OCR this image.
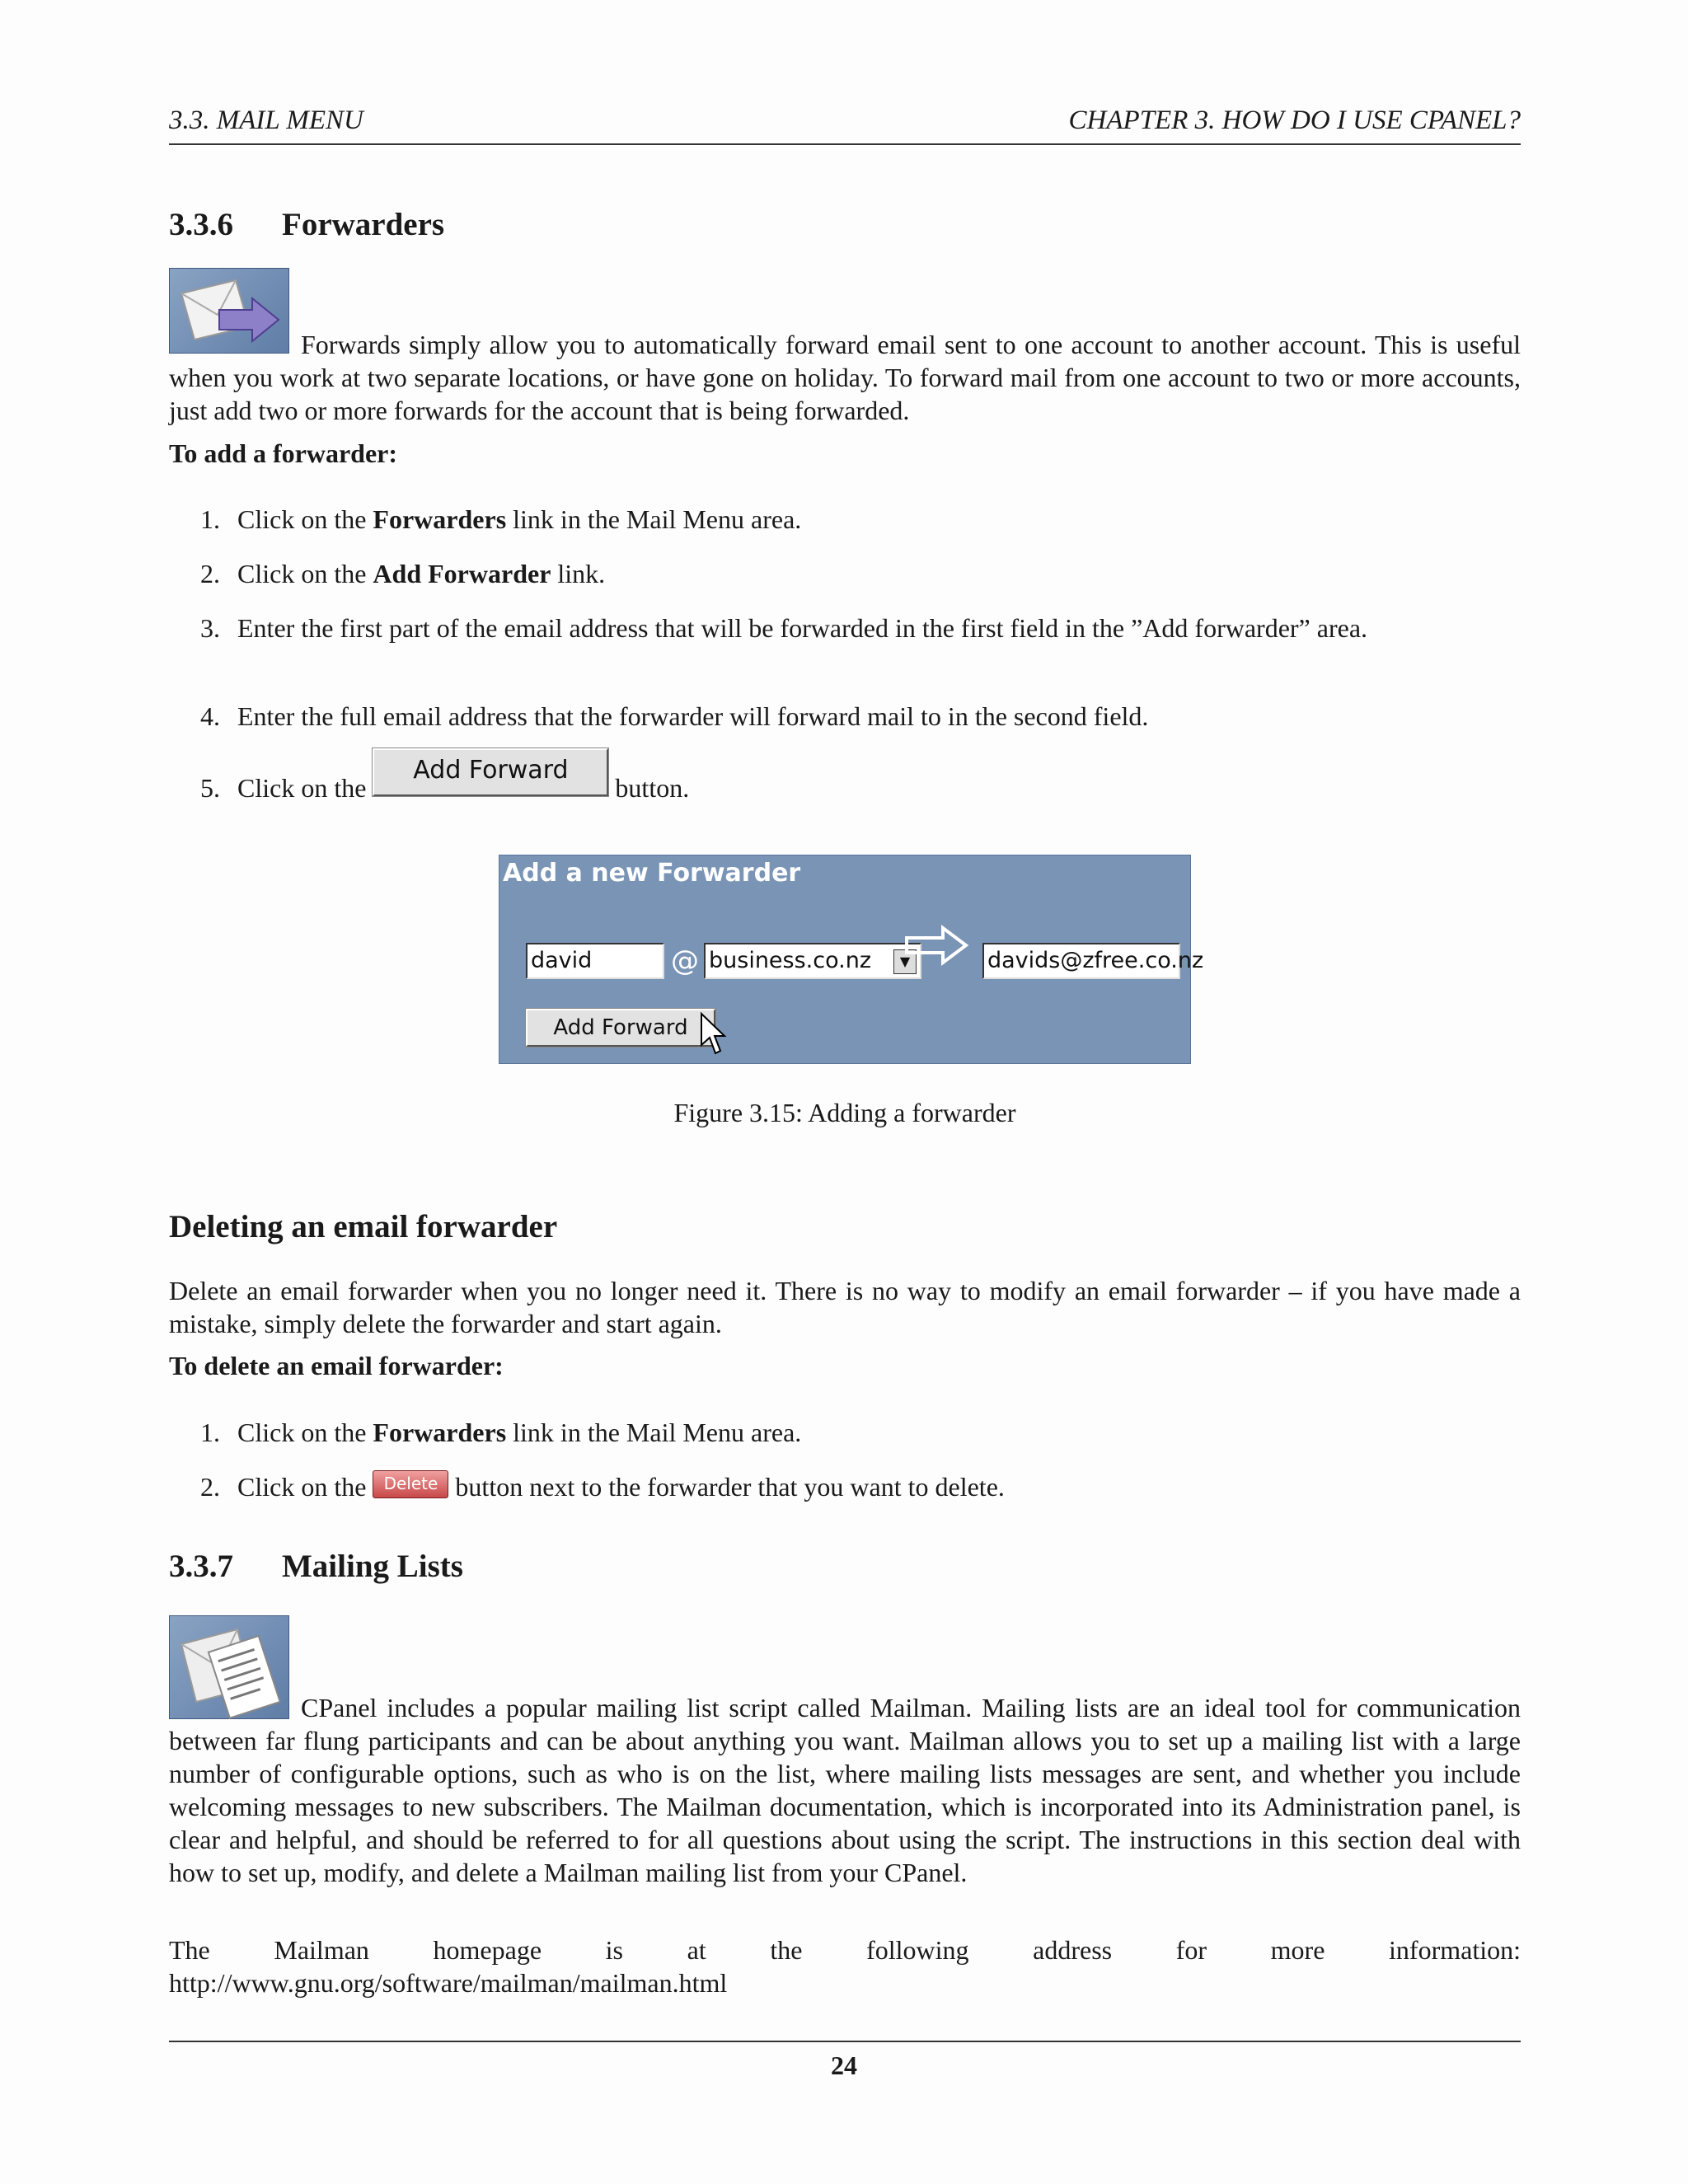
3.3. MAIL MENU	CHAPTER 3. HOW DO I USE CPANEL?
3.3.6 Forwarders
Forwards simply allow you to automatically forward email sent to one account to another account. This is useful when you work at two separate locations, or have gone on holiday. To forward mail from one account to two or more accounts, just add two or more forwards for the account that is being forwarded.
To add a forwarder:
1. Click on the Forwarders link in the Mail Menu area.
2. Click on the Add Forwarder link.
3. Enter the first part of the email address that will be forwarded in the first field in the ”Add forwarder” area.
4. Enter the full email address that the forwarder will forward mail to in the second field.
5. Click on the Add Forward button.
Add a new Forwarder
david	@ business.co.nz	▼	davids@zfree.co.nz
Add Forward
Figure 3.15: Adding a forwarder
Deleting an email forwarder
Delete an email forwarder when you no longer need it. There is no way to modify an email forwarder – if you have made a mistake, simply delete the forwarder and start again.
To delete an email forwarder:
1. Click on the Forwarders link in the Mail Menu area.
2. Click on the Delete button next to the forwarder that you want to delete.
3.3.7 Mailing Lists
CPanel includes a popular mailing list script called Mailman. Mailing lists are an ideal tool for communication between far flung participants and can be about anything you want. Mailman allows you to set up a mailing list with a large number of configurable options, such as who is on the list, where mailing lists messages are sent, and whether you include welcoming messages to new subscribers. The Mailman documentation, which is incorporated into its Administration panel, is clear and helpful, and should be referred to for all questions about using the script. The instructions in this section deal with how to set up, modify, and delete a Mailman mailing list from your CPanel.
The Mailman homepage is at the following address for more information:
http://www.gnu.org/software/mailman/mailman.html
24
